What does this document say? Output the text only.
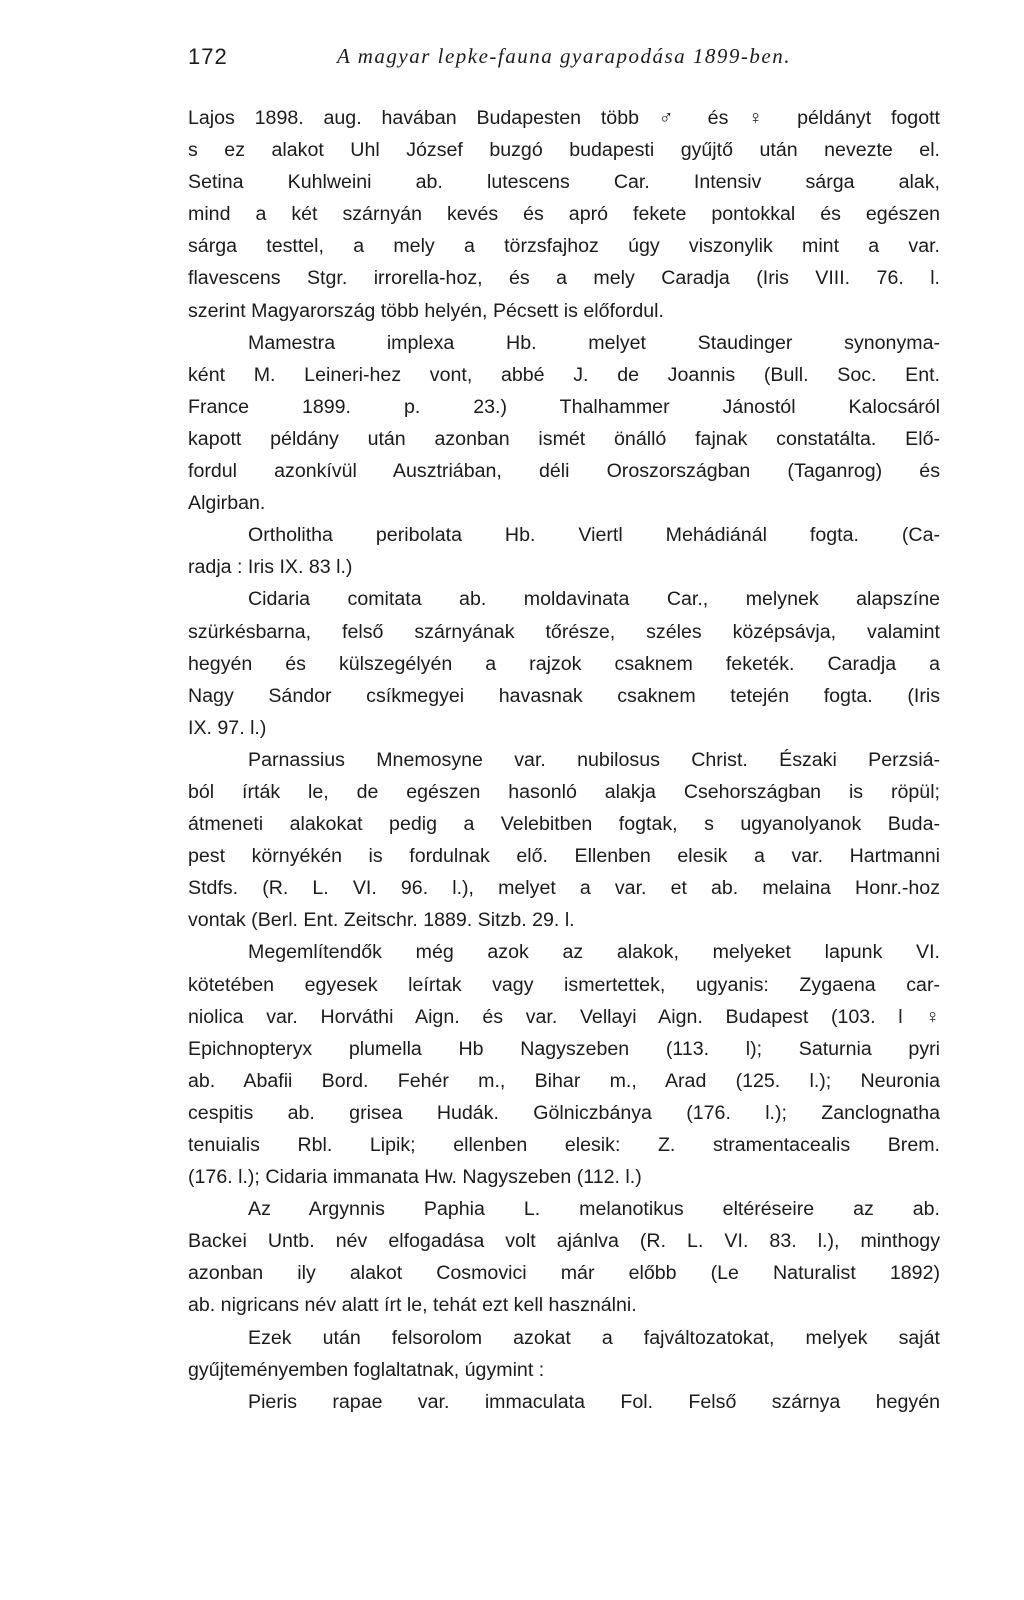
172	A magyar lepke-fauna gyarapodása 1899-ben.
Lajos 1898. aug. havában Budapesten több ♂ és ♀ példányt fogott
s ez alakot Uhl József buzgó budapesti gyűjtő után nevezte el.
Setina Kuhlweini ab. lutescens Car. Intensiv sárga alak,
mind a két szárnyán kevés és apró fekete pontokkal és egészen
sárga testtel, a mely a törzsfajhoz úgy viszonylik mint a var.
flavescens Stgr. irrorella-hoz, és a mely Caradja (Iris VIII. 76. l.
szerint Magyarország több helyén, Pécsett is előfordul.
Mamestra implexa Hb. melyet Staudinger synonyma-
ként M. Leineri-hez vont, abbé J. de Joannis (Bull. Soc. Ent.
France 1899. p. 23.) Thalhammer Jánostól Kalocsáról
kapott példány után azonban ismét önálló fajnak constatálta. Elő-
fordul azonkívül Ausztriában, déli Oroszországban (Taganrog) és
Algirban.
Ortholitha peribolata Hb. Viertl Mehádiánál fogta. (Ca-
radja : Iris IX. 83 l.)
Cidaria comitata ab. moldavinata Car., melynek alapszíne
szürkésbarna, felső szárnyának tőrésze, széles középsávja, valamint
hegyén és külszegélyén a rajzok csaknem feketék. Caradja a
Nagy Sándor csíkmegyei havasnak csaknem tetején fogta. (Iris
IX. 97. l.)
Parnassius Mnemosyne var. nubilosus Christ. Északi Perzsiá-
ból írták le, de egészen hasonló alakja Csehországban is röpül;
átmeneti alakokat pedig a Velebitben fogtak, s ugyanolyanok Buda-
pest környékén is fordulnak elő. Ellenben elesik a var. Hartmanni
Stdfs. (R. L. VI. 96. l.), melyet a var. et ab. melaina Honr.-hoz
vontak (Berl. Ent. Zeitschr. 1889. Sitzb. 29. l.
Megemlítendők még azok az alakok, melyeket lapunk VI.
kötetében egyesek leírtak vagy ismertettek, ugyanis: Zygaena car-
niolica var. Horváthi Aign. és var. Vellayi Aign. Budapest (103. l ♀
Epichnopteryx plumella Hb Nagyszeben (113. l); Saturnia pyri
ab. Abafii Bord. Fehér m., Bihar m., Arad (125. l.); Neuronia
cespitis ab. grisea Hudák. Gölniczbánya (176. l.); Zanclognatha
tenuialis Rbl. Lipik; ellenben elesik: Z. stramentacealis Brem.
(176. l.); Cidaria immanata Hw. Nagyszeben (112. l.)
Az Argynnis Paphia L. melanotikus eltéréseire az ab.
Backei Untb. név elfogadása volt ajánlva (R. L. VI. 83. l.), minthogy
azonban ily alakot Cosmovici már előbb (Le Naturalist 1892)
ab. nigricans név alatt írt le, tehát ezt kell használni.
Ezek után felsorolom azokat a fajváltozatokat, melyek saját
gyűjteményemben foglaltatnak, úgymint :
Pieris rapae var. immaculata Fol. Felső szárnya hegyén
